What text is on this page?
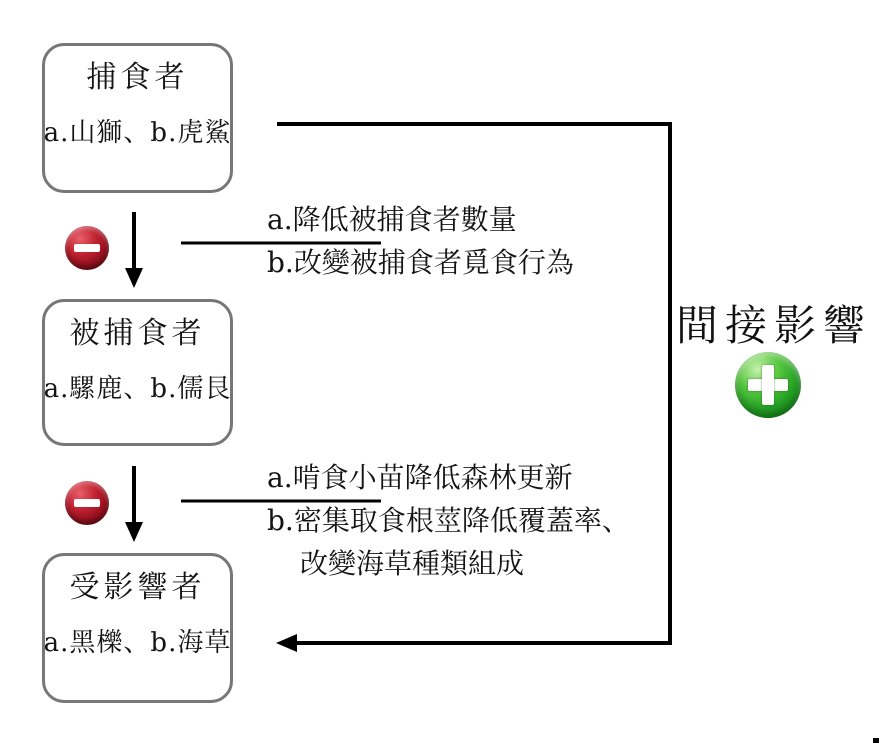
捕食者
a.山獅、b.虎鯊
被捕食者
a.騾鹿、b.儒艮
受影響者
a.黑櫟、b.海草
a.降低被捕食者數量
b.改變被捕食者覓食行為
a.啃食小苗降低森林更新
b.密集取食根莖降低覆蓋率、
改變海草種類組成
間接影響
